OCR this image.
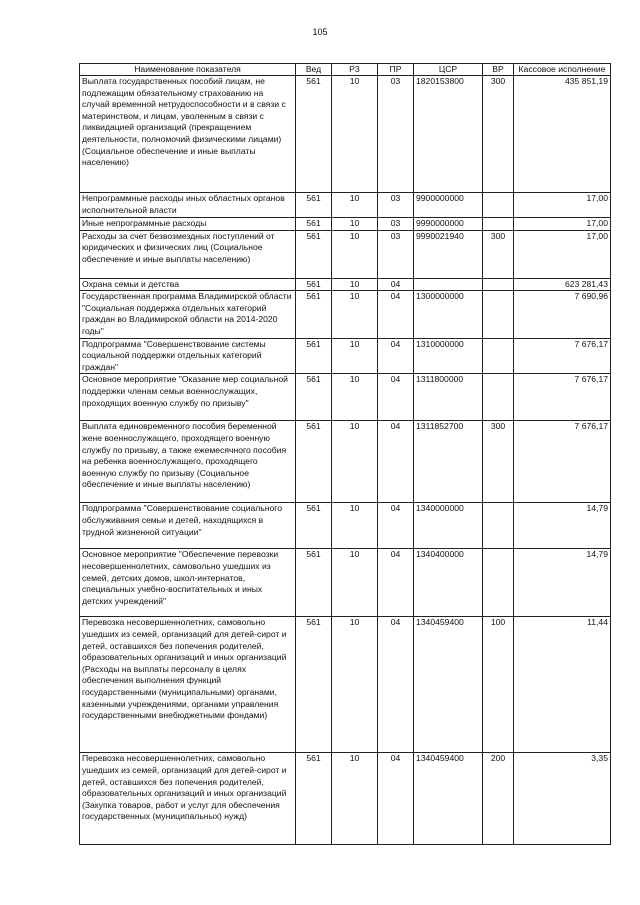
105
Наименование показателя	Вед	РЗ	ПР	ЦСР	ВР	Кассовое исполнение
Выплата государственных пособий лицам, не подлежащим обязательному страхованию на случай временной нетрудоспособности и в связи с материнством, и лицам, уволенным в связи с ликвидацией организаций (прекращением деятельности, полномочий физическими лицами) (Социальное обеспечение и иные выплаты населению)	561	10	03	1820153800	300	435 851,19
Непрограммные расходы иных областных органов исполнительной власти	561	10	03	9900000000		17,00
Иные непрограммные расходы	561	10	03	9990000000		17,00
Расходы за счет безвозмездных поступлений от юридических и физических лиц (Социальное обеспечение и иные выплаты населению)	561	10	03	9990021940	300	17,00
Охрана семьи и детства	561	10	04			623 281,43
Государственная программа Владимирской области "Социальная поддержка отдельных категорий граждан во Владимирской области на 2014-2020 годы"	561	10	04	1300000000		7 690,96
Подпрограмма "Совершенствование системы социальной поддержки отдельных категорий граждан"	561	10	04	1310000000		7 676,17
Основное мероприятие "Оказание мер социальной поддержки членам семьи военнослужащих, проходящих военную службу по призыву"	561	10	04	1311800000		7 676,17
Выплата единовременного пособия беременной жене военнослужащего, проходящего военную службу по призыву, а также ежемесячного пособия на ребенка военнослужащего, проходящего военную службу по призыву (Социальное обеспечение и иные выплаты населению)	561	10	04	1311852700	300	7 676,17
Подпрограмма "Совершенствование социального обслуживания семьи и детей, находящихся в трудной жизненной ситуации"	561	10	04	1340000000		14,79
Основное мероприятие "Обеспечение перевозки несовершеннолетних, самовольно ушедших из семей, детских домов, школ-интернатов, специальных учебно-воспитательных и иных детских учреждений"	561	10	04	1340400000		14,79
Перевозка несовершеннолетних, самовольно ушедших из семей, организаций для детей-сирот и детей, оставшихся без попечения родителей, образовательных организаций и иных организаций (Расходы на выплаты персоналу в целях обеспечения выполнения функций государственными (муниципальными) органами, казенными учреждениями, органами управления государственными внебюджетными фондами)	561	10	04	1340459400	100	11,44
Перевозка несовершеннолетних, самовольно ушедших из семей, организаций для детей-сирот и детей, оставшихся без попечения родителей, образовательных организаций и иных организаций (Закупка товаров, работ и услуг для обеспечения государственных (муниципальных) нужд)	561	10	04	1340459400	200	3,35
